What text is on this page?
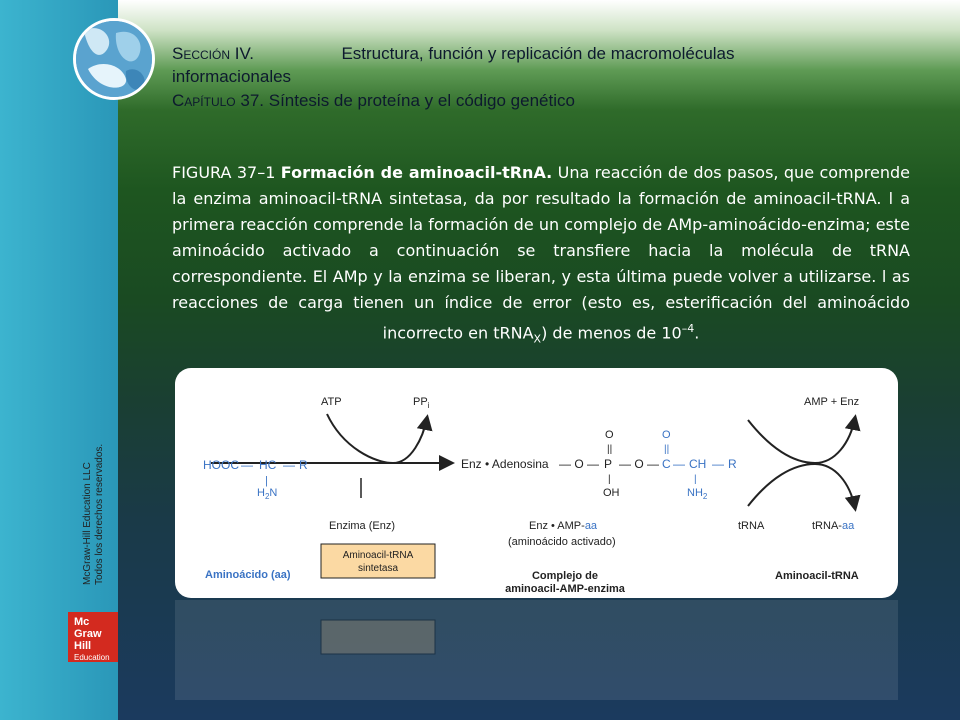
McGraw-Hill Education LLC Todos los derechos reservados.
Mc
Graw
Hill
Education
Sección IV.	Estructura, función y replicación de macromoléculas
informacionales
Capítulo 37. Síntesis de proteína y el código genético
FIGURA 37–1 Formación de aminoacil-tRnA. Una reacción de dos pasos, que comprende la enzima aminoacil-tRNA sintetasa, da por resultado la formación de aminoacil-tRNA. l a primera reacción comprende la formación de un complejo de AMp-aminoácido-enzima; este aminoácido activado a continuación se transfiere hacia la molécula de tRNA correspondiente. El AMp y la enzima se liberan, y esta última puede volver a utilizarse. l as reacciones de carga tienen un índice de error (esto es, esterificación del aminoácido incorrecto en tRNA$_X$) de menos de $10^{-4}$.
ATP	$PP_i$	AMP + Enz
HOOC — HC — R
|
$H_2N$
Enz • Adenosina — O —
O
||
P
|
OH
— O —
O
||
C — CH — R
|
$NH_2$
Enzima (Enz)	Enz • AMP-aa
(aminoácido activado)
tRNA	tRNA-aa
Aminoacil-tRNA
sintetasa
Aminoácido (aa)	Complejo de
aminoacil-AMP-enzima
Aminoacil-tRNA
